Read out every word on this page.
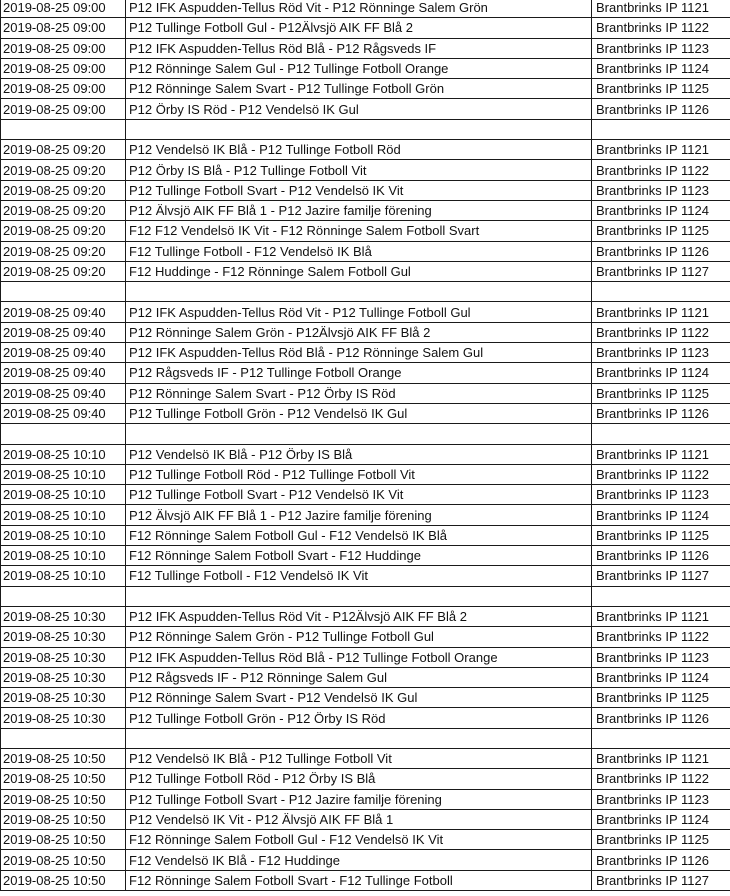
2019-08-25 09:00	P12 IFK Aspudden-Tellus Röd Vit - P12 Rönninge Salem Grön	Brantbrinks IP 1121
2019-08-25 09:00	P12 Tullinge Fotboll Gul - P12Älvsjö AIK FF Blå 2	Brantbrinks IP 1122
2019-08-25 09:00	P12 IFK Aspudden-Tellus Röd Blå - P12 Rågsveds IF	Brantbrinks IP 1123
2019-08-25 09:00	P12 Rönninge Salem Gul - P12 Tullinge Fotboll Orange	Brantbrinks IP 1124
2019-08-25 09:00	P12 Rönninge Salem Svart - P12 Tullinge Fotboll Grön	Brantbrinks IP 1125
2019-08-25 09:00	P12 Örby IS Röd - P12 Vendelsö IK Gul	Brantbrinks IP 1126

2019-08-25 09:20	P12 Vendelsö IK Blå - P12 Tullinge Fotboll Röd	Brantbrinks IP 1121
2019-08-25 09:20	P12 Örby IS Blå - P12 Tullinge Fotboll Vit	Brantbrinks IP 1122
2019-08-25 09:20	P12 Tullinge Fotboll Svart - P12 Vendelsö IK Vit	Brantbrinks IP 1123
2019-08-25 09:20	P12 Älvsjö AIK FF Blå 1 - P12 Jazire familje förening	Brantbrinks IP 1124
2019-08-25 09:20	F12 F12 Vendelsö IK Vit - F12 Rönninge Salem Fotboll Svart	Brantbrinks IP 1125
2019-08-25 09:20	F12 Tullinge Fotboll - F12 Vendelsö IK Blå	Brantbrinks IP 1126
2019-08-25 09:20	F12 Huddinge - F12 Rönninge Salem Fotboll Gul	Brantbrinks IP 1127

2019-08-25 09:40	P12 IFK Aspudden-Tellus Röd Vit - P12 Tullinge Fotboll Gul	Brantbrinks IP 1121
2019-08-25 09:40	P12 Rönninge Salem Grön - P12Älvsjö AIK FF Blå 2	Brantbrinks IP 1122
2019-08-25 09:40	P12 IFK Aspudden-Tellus Röd Blå - P12 Rönninge Salem Gul	Brantbrinks IP 1123
2019-08-25 09:40	P12 Rågsveds IF - P12 Tullinge Fotboll Orange	Brantbrinks IP 1124
2019-08-25 09:40	P12 Rönninge Salem Svart - P12 Örby IS Röd	Brantbrinks IP 1125
2019-08-25 09:40	P12 Tullinge Fotboll Grön - P12 Vendelsö IK Gul	Brantbrinks IP 1126

2019-08-25 10:10	P12 Vendelsö IK Blå - P12 Örby IS Blå	Brantbrinks IP 1121
2019-08-25 10:10	P12 Tullinge Fotboll Röd - P12 Tullinge Fotboll Vit	Brantbrinks IP 1122
2019-08-25 10:10	P12 Tullinge Fotboll Svart - P12 Vendelsö IK Vit	Brantbrinks IP 1123
2019-08-25 10:10	P12 Älvsjö AIK FF Blå 1 - P12 Jazire familje förening	Brantbrinks IP 1124
2019-08-25 10:10	F12 Rönninge Salem Fotboll Gul - F12 Vendelsö IK Blå	Brantbrinks IP 1125
2019-08-25 10:10	F12 Rönninge Salem Fotboll Svart - F12 Huddinge	Brantbrinks IP 1126
2019-08-25 10:10	F12 Tullinge Fotboll - F12 Vendelsö IK Vit	Brantbrinks IP 1127

2019-08-25 10:30	P12 IFK Aspudden-Tellus Röd Vit - P12Älvsjö AIK FF Blå 2	Brantbrinks IP 1121
2019-08-25 10:30	P12 Rönninge Salem Grön - P12 Tullinge Fotboll Gul	Brantbrinks IP 1122
2019-08-25 10:30	P12 IFK Aspudden-Tellus Röd Blå - P12 Tullinge Fotboll Orange	Brantbrinks IP 1123
2019-08-25 10:30	P12 Rågsveds IF - P12 Rönninge Salem Gul	Brantbrinks IP 1124
2019-08-25 10:30	P12 Rönninge Salem Svart - P12 Vendelsö IK Gul	Brantbrinks IP 1125
2019-08-25 10:30	P12 Tullinge Fotboll Grön - P12 Örby IS Röd	Brantbrinks IP 1126

2019-08-25 10:50	P12 Vendelsö IK Blå - P12 Tullinge Fotboll Vit	Brantbrinks IP 1121
2019-08-25 10:50	P12 Tullinge Fotboll Röd - P12 Örby IS Blå	Brantbrinks IP 1122
2019-08-25 10:50	P12 Tullinge Fotboll Svart - P12 Jazire familje förening	Brantbrinks IP 1123
2019-08-25 10:50	P12 Vendelsö IK Vit - P12 Älvsjö AIK FF Blå 1	Brantbrinks IP 1124
2019-08-25 10:50	F12 Rönninge Salem Fotboll Gul - F12 Vendelsö IK Vit	Brantbrinks IP 1125
2019-08-25 10:50	F12 Vendelsö IK Blå - F12 Huddinge	Brantbrinks IP 1126
2019-08-25 10:50	F12 Rönninge Salem Fotboll Svart - F12 Tullinge Fotboll	Brantbrinks IP 1127
